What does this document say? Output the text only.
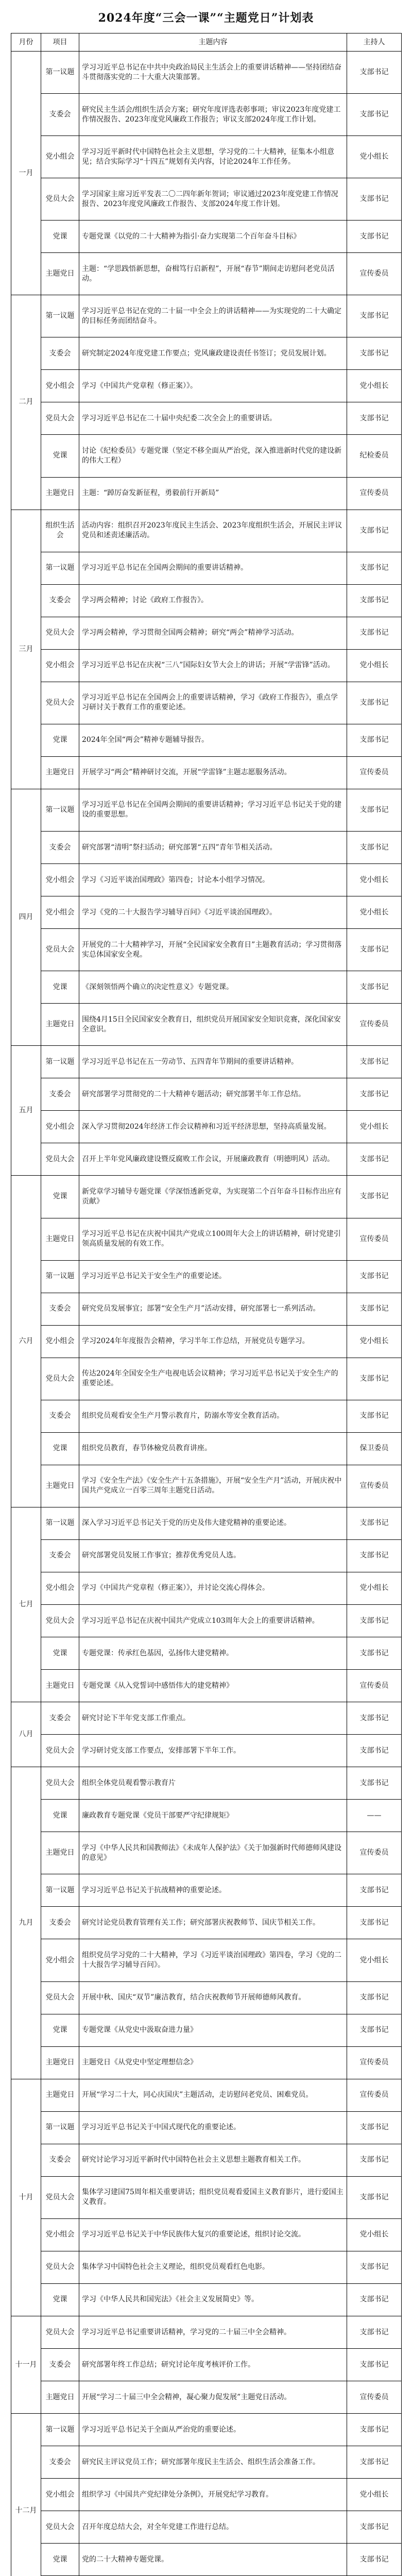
2024年度“三会一课”“主题党日”计划表
月份	项目	主题内容	主持人
一月	第一议题	学习习近平总书记在中共中央政治局民主生活会上的重要讲话精神——坚持团结奋斗贯彻落实党的二十大重大决策部署。	支部书记
	支委会	研究民主生活会/组织生活会方案；研究年度评选表彰事项；审议2023年度党建工作情况报告、2023年度党风廉政工作报告；审议支部2024年度工作计划。	支部书记
	党小组会	学习习近平新时代中国特色社会主义思想，学习党的二十大精神，征集本小组意见；结合实际学习“十四五”规划有关内容，讨论2024年工作任务。	党小组长
	党员大会	学习国家主席习近平发表二〇二四年新年贺词；审议通过2023年度党建工作情况报告、2023年度党风廉政工作报告、支部2024年度工作计划。	支部书记
	党课	专题党课《以党的二十大精神为指引·奋力实现第二个百年奋斗目标》	支部书记
	主题党日	主题：“学思践悟新思想，奋楫笃行启新程”，开展“春节”期间走访慰问老党员活动。	宣传委员
二月	第一议题	学习习近平总书记在党的二十届一中全会上的讲话精神——为实现党的二十大确定的目标任务而团结奋斗。	支部书记
	支委会	研究制定2024年度党建工作要点；党风廉政建设责任书签订；党员发展计划。	支部书记
	党小组会	学习《中国共产党章程（修正案）》。	党小组长
	党员大会	学习习近平总书记在二十届中央纪委二次全会上的重要讲话。	支部书记
	党课	讨论《纪检委员》专题党课（坚定不移全面从严治党，深入推进新时代党的建设新的伟大工程）	纪检委员
	主题党日	主题：“踔厉奋发新征程，勇毅前行开新局”	宣传委员
三月	组织生活会	活动内容：组织召开2023年度民主生活会、2023年度组织生活会，开展民主评议党员和述责述廉活动。	支部书记
	第一议题	学习习近平总书记在全国两会期间的重要讲话精神。	支部书记
	支委会	学习两会精神；讨论《政府工作报告》。	支部书记
	党员大会	学习两会精神，学习贯彻全国两会精神；研究“两会”精神学习活动。	支部书记
	党小组会	学习习近平总书记在庆祝“三八”国际妇女节大会上的讲话；开展“学雷锋”活动。	党小组长
	党员大会	学习习近平总书记在全国两会上的重要讲话精神，学习《政府工作报告》，重点学习研讨关于教育工作的重要论述。	支部书记
	党课	2024年全国“两会”精神专题辅导报告。	支部书记
	主题党日	开展学习“两会”精神研讨交流，开展“学雷锋”主题志愿服务活动。	宣传委员
四月	第一议题	学习习近平总书记在全国两会期间的重要讲话精神；学习习近平总书记关于党的建设的重要思想。	支部书记
	支委会	研究部署“清明”祭扫活动；研究部署“五四”青年节相关活动。	支部书记
	党小组会	学习《习近平谈治国理政》第四卷；讨论本小组学习情况。	党小组长
	党小组会	学习《党的二十大报告学习辅导百问》《习近平谈治国理政》。	党小组长
	党员大会	开展党的二十大精神学习，开展“全民国家安全教育日”主题教育活动；学习贯彻落实总体国家安全观。	支部书记
	党课	《深刻领悟两个确立的决定性意义》专题党课。	支部书记
	主题党日	围绕4月15日全民国家安全教育日，组织党员开展国家安全知识竞赛，深化国家安全意识。	宣传委员
五月	第一议题	学习习近平总书记在五一劳动节、五四青年节期间的重要讲话精神。	支部书记
	支委会	研究部署学习贯彻党的二十大精神专题活动；研究部署半年工作总结。	支部书记
	党小组会	深入学习贯彻2024年经济工作会议精神和习近平经济思想，坚持高质量发展。	党小组长
	党员大会	召开上半年党风廉政建设暨反腐败工作会议，开展廉政教育（明德明风）活动。	支部书记
六月	党课	新党章学习辅导专题党课《学深悟透新党章，为实现第二个百年奋斗目标作出应有贡献》	支部书记
	主题党日	学习习近平总书记在庆祝中国共产党成立100周年大会上的讲话精神，研讨党建引领高质量发展的有效工作。	宣传委员
	第一议题	学习习近平总书记关于安全生产的重要论述。	支部书记
	支委会	研究党员发展事宜；部署“安全生产月”活动安排，研究部署七一系列活动。	支部书记
	党小组会	学习2024年年度报告会精神，学习半年工作总结，开展党员专题学习。	党小组长
	党员大会	传达2024年全国安全生产电视电话会议精神；学习习近平总书记关于安全生产的重要论述。	支部书记
	支委会	组织党员观看安全生产月警示教育片，防溺水等安全教育活动。	支部书记
	党课	组织党员教育，春节体檢党员教育讲座。	保卫委员
	主题党日	学习《安全生产法》《安全生产十五条措施》，开展“安全生产月”活动，开展庆祝中国共产党成立一百零三周年主题党日活动。	宣传委员
七月	第一议题	深入学习习近平总书记关于党的历史及伟大建党精神的重要论述。	支部书记
	支委会	研究部署党员发展工作事宜；推荐优秀党员人选。	支部书记
	党小组会	学习《中国共产党章程（修正案）》，并讨论交流心得体会。	党小组长
	党员大会	学习习近平总书记在庆祝中国共产党成立103周年大会上的重要讲话精神。	支部书记
	党课	专题党课：传承红色基因，弘扬伟大建党精神。	支部书记
	主题党日	专题党课《从入党誓词中感悟伟大的建党精神》	宣传委员
八月	支委会	研究讨论下半年党支部工作重点。	支部书记
	党员大会	学习研讨党支部工作要点，安排部署下半年工作。	支部书记
九月	党员大会	组织全体党员观看警示教育片	支部书记
	党课	廉政教育专题党课《党员干部要严守纪律规矩》	——
	主题党日	学习《中华人民共和国教师法》《未成年人保护法》《关于加强新时代师德师风建设的意见》	宣传委员
	第一议题	学习习近平总书记关于抗战精神的重要论述。	支部书记
	支委会	研究讨论党员教育管理有关工作；研究部署庆祝教师节、国庆节相关工作。	支部书记
	党小组会	组织党员学习党的二十大精神，学习《习近平谈治国理政》第四卷，学习《党的二十大报告学习辅导百问》。	党小组长
	党员大会	开展中秋、国庆“双节”廉洁教育，结合庆祝教师节开展师德师风教育。	支部书记
	党课	专题党课《从党史中汲取奋进力量》	支部书记
	主题党日	主题党日《从党史中坚定理想信念》	宣传委员
十月	主题党日	开展“学习二十大，同心庆国庆”主题活动，走访慰问老党员、困难党员。	宣传委员
	第一议题	学习习近平总书记关于中国式现代化的重要论述。	支部书记
	支委会	研究讨论学习习近平新时代中国特色社会主义思想主题教育相关工作。	支部书记
	党员大会	集体学习建国75周年相关重要讲话；组织党员观看爱国主义教育影片，进行爱国主义教育。	支部书记
	党小组会	学习习近平总书记关于中华民族伟大复兴的重要论述，组织讨论交流。	党小组长
	党员大会	集体学习中国特色社会主义理论，组织党员观看红色电影。	支部书记
	党课	学习《中华人民共和国宪法》《社会主义发展简史》等。	支部书记
十一月	党员大会	学习习近平总书记重要讲话精神，学习党的二十届三中全会精神。	支部书记
	支委会	研究部署年终工作总结；研究讨论年度考核评价工作。	支部书记
	主题党日	开展“学习二十届三中全会精神，凝心聚力促发展”主题党日活动。	宣传委员
十二月	第一议题	学习习近平总书记关于全面从严治党的重要论述。	支部书记
	支委会	研究民主评议党员工作；研究部署年度民主生活会、组织生活会准备工作。	支部书记
	党小组会	组织学习《中国共产党纪律处分条例》，开展党纪学习教育。	党小组长
	党员大会	召开年度总结大会，对全年党建工作进行总结。	支部书记
	党课	党的二十大精神专题党课。	支部书记
